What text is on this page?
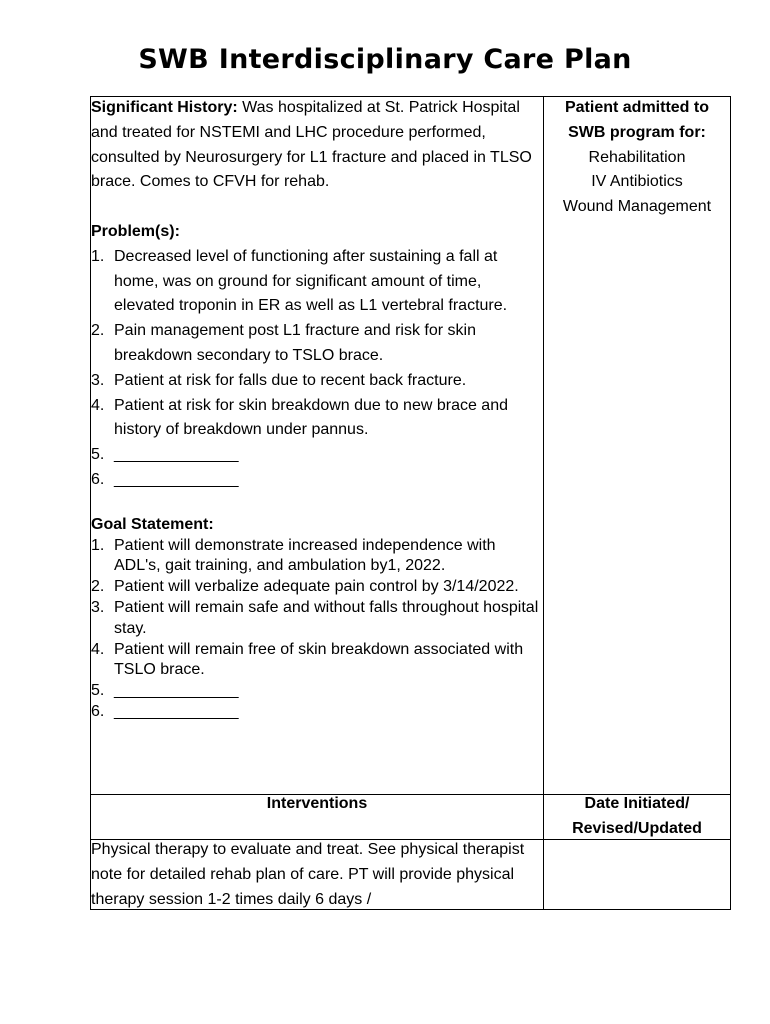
SWB Interdisciplinary Care Plan
Significant History: Was hospitalized at St. Patrick Hospital and treated for NSTEMI and LHC procedure performed, consulted by Neurosurgery for L1 fracture and placed in TLSO brace. Comes to CFVH for rehab.
Problem(s):
1. Decreased level of functioning after sustaining a fall at home, was on ground for significant amount of time, elevated troponin in ER as well as L1 vertebral fracture.
2. Pain management post L1 fracture and risk for skin breakdown secondary to TSLO brace.
3. Patient at risk for falls due to recent back fracture.
4. Patient at risk for skin breakdown due to new brace and history of breakdown under pannus.
5. ______________
6. ______________
Goal Statement:
1. Patient will demonstrate increased independence with ADL's, gait training, and ambulation by1, 2022.
2. Patient will verbalize adequate pain control by 3/14/2022.
3. Patient will remain safe and without falls throughout hospital stay.
4. Patient will remain free of skin breakdown associated with TSLO brace.
5. ______________
6. ______________
Patient admitted to
SWB program for:
Rehabilitation
IV Antibiotics
Wound Management
Interventions	Date Initiated/
Revised/Updated
Physical therapy to evaluate and treat. See physical therapist note for detailed rehab plan of care. PT will provide physical therapy session 1-2 times daily 6 days /
